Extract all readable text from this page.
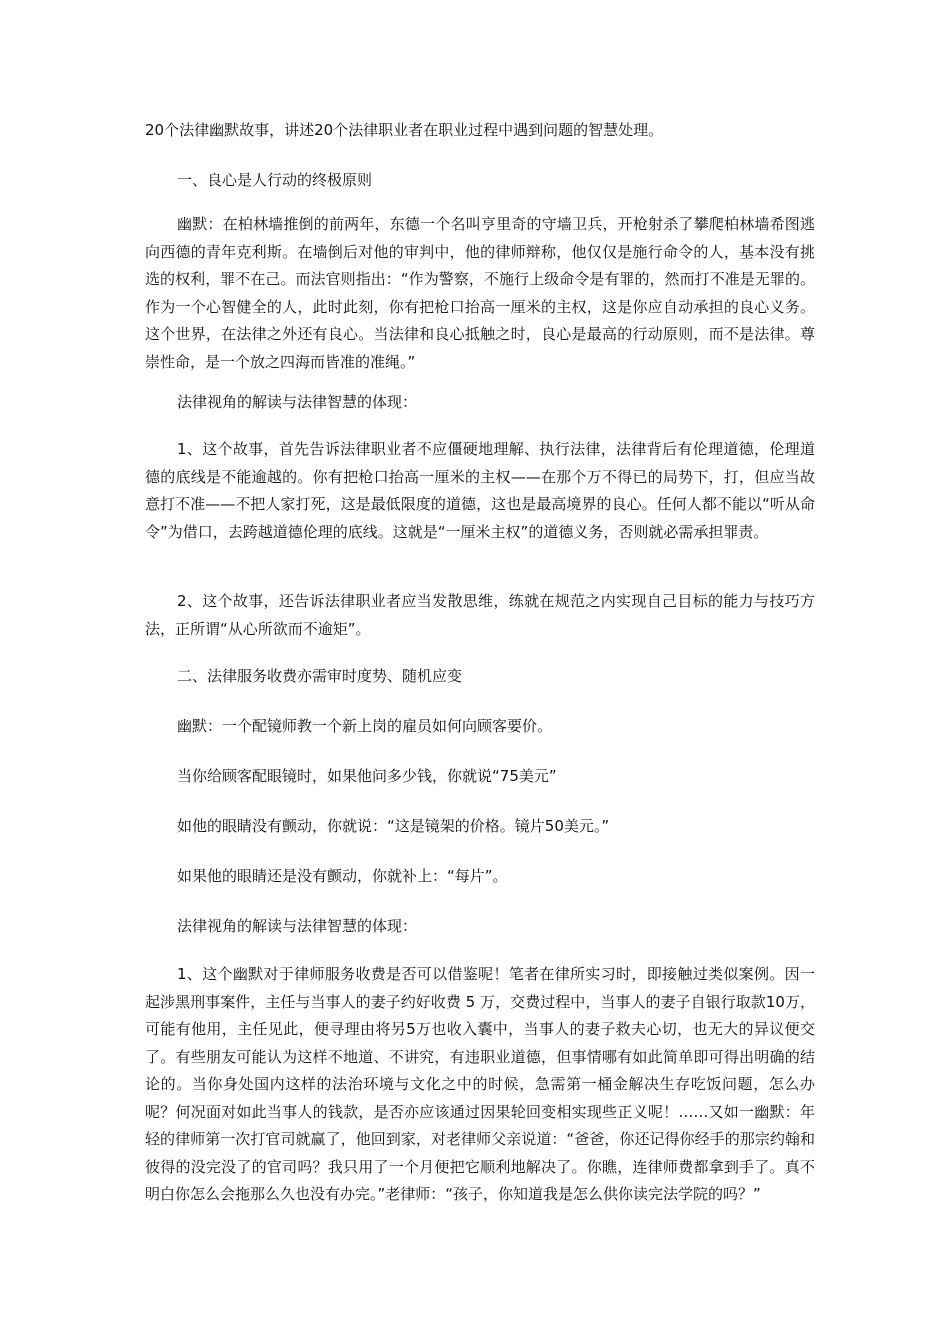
20个法律幽默故事，讲述20个法律职业者在职业过程中遇到问题的智慧处理。
一、良心是人行动的终极原则
幽默：在柏林墙推倒的前两年，东德一个名叫亨里奇的守墙卫兵，开枪射杀了攀爬柏林墙希图逃向西德的青年克利斯。在墙倒后对他的审判中，他的律师辩称，他仅仅是施行命令的人，基本没有挑选的权利，罪不在己。而法官则指出：“作为警察，不施行上级命令是有罪的，然而打不准是无罪的。作为一个心智健全的人，此时此刻，你有把枪口抬高一厘米的主权，这是你应自动承担的良心义务。这个世界，在法律之外还有良心。当法律和良心抵触之时，良心是最高的行动原则，而不是法律。尊崇性命，是一个放之四海而皆准的准绳。”
法律视角的解读与法律智慧的体现：
1、这个故事，首先告诉法律职业者不应僵硬地理解、执行法律，法律背后有伦理道德，伦理道德的底线是不能逾越的。你有把枪口抬高一厘米的主权——在那个万不得已的局势下，打，但应当故意打不准——不把人家打死，这是最低限度的道德，这也是最高境界的良心。任何人都不能以“听从命令”为借口，去跨越道德伦理的底线。这就是“一厘米主权”的道德义务，否则就必需承担罪责。
2、这个故事，还告诉法律职业者应当发散思维，练就在规范之内实现自己目标的能力与技巧方法，正所谓“从心所欲而不逾矩”。
二、法律服务收费亦需审时度势、随机应变
幽默：一个配镜师教一个新上岗的雇员如何向顾客要价。
当你给顾客配眼镜时，如果他问多少钱，你就说“75美元”
如他的眼睛没有颤动，你就说：“这是镜架的价格。镜片50美元。”
如果他的眼睛还是没有颤动，你就补上：“每片”。
法律视角的解读与法律智慧的体现：
1、这个幽默对于律师服务收费是否可以借鉴呢！笔者在律所实习时，即接触过类似案例。因一起涉黑刑事案件，主任与当事人的妻子约好收费 5 万，交费过程中，当事人的妻子自银行取款10万，可能有他用，主任见此，便寻理由将另5万也收入囊中，当事人的妻子救夫心切，也无大的异议便交了。有些朋友可能认为这样不地道、不讲究，有违职业道德，但事情哪有如此简单即可得出明确的结论的。当你身处国内这样的法治环境与文化之中的时候，急需第一桶金解决生存吃饭问题，怎么办呢？何况面对如此当事人的钱款，是否亦应该通过因果轮回变相实现些正义呢！……又如一幽默：年轻的律师第一次打官司就赢了，他回到家，对老律师父亲说道：“爸爸，你还记得你经手的那宗约翰和彼得的没完没了的官司吗？我只用了一个月便把它顺利地解决了。你瞧，连律师费都拿到手了。真不明白你怎么会拖那么久也没有办完。”老律师：“孩子，你知道我是怎么供你读完法学院的吗？”
